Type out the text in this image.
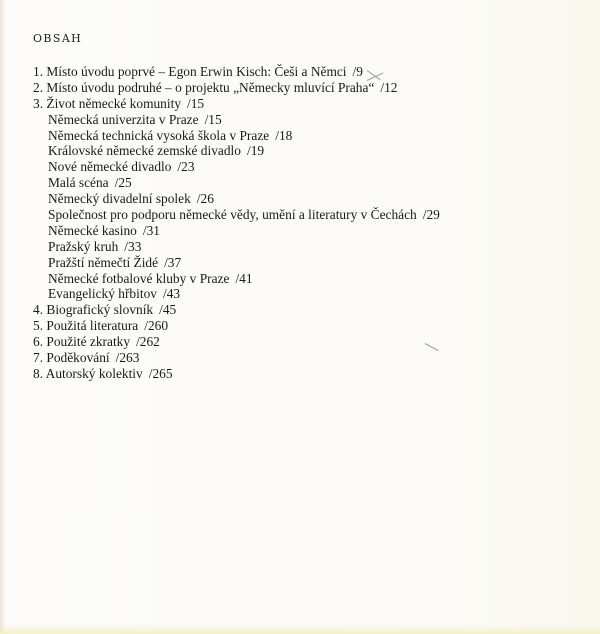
OBSAH
1. Místo úvodu poprvé – Egon Erwin Kisch: Češi a Němci /9
2. Místo úvodu podruhé – o projektu „Německy mluvící Praha“ /12
3. Život německé komunity /15
Německá univerzita v Praze /15
Německá technická vysoká škola v Praze /18
Královské německé zemské divadlo /19
Nové německé divadlo /23
Malá scéna /25
Německý divadelní spolek /26
Společnost pro podporu německé vědy, umění a literatury v Čechách /29
Německé kasino /31
Pražský kruh /33
Pražští němečtí Židé /37
Německé fotbalové kluby v Praze /41
Evangelický hřbitov /43
4. Biografický slovník /45
5. Použitá literatura /260
6. Použité zkratky /262
7. Poděkování /263
8. Autorský kolektiv /265
